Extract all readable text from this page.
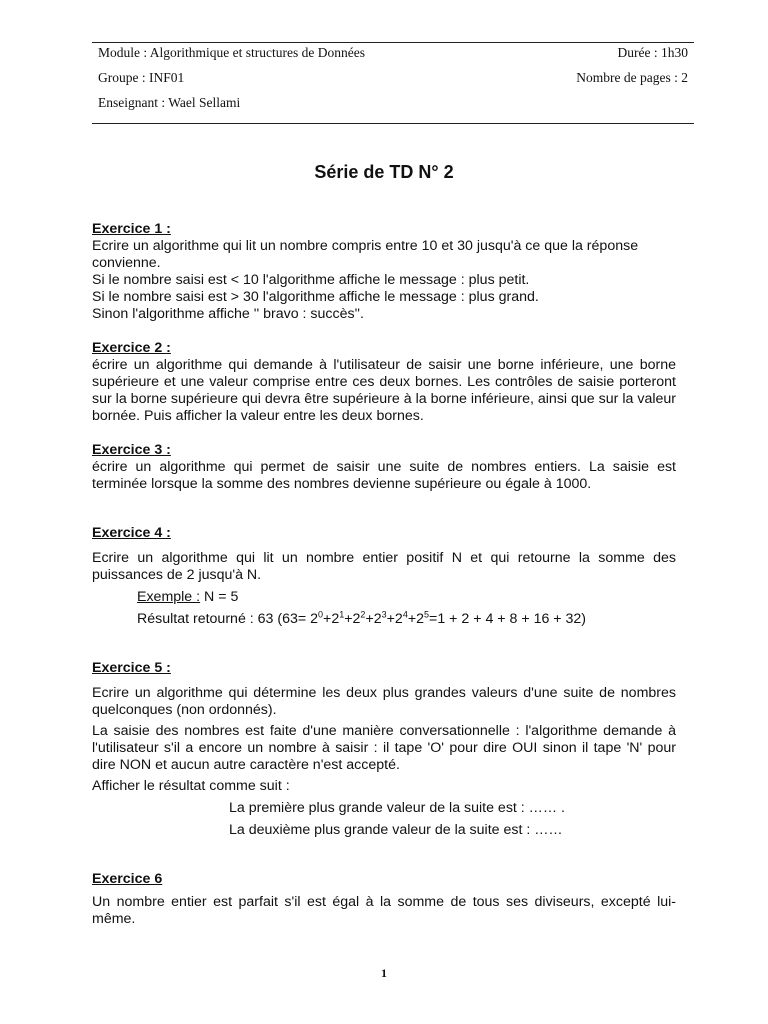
Module : Algorithmique et structures de Données	Durée : 1h30
Groupe : INF01	Nombre de pages : 2
Enseignant : Wael Sellami
Série de TD N° 2

Exercice 1 :

Ecrire un algorithme qui lit un nombre compris entre 10 et 30 jusqu'à ce que la réponse convienne.

Si le nombre saisi est < 10 l'algorithme affiche le message : plus petit.

Si le nombre saisi est > 30 l'algorithme affiche le message : plus grand.

Sinon l'algorithme affiche '' bravo : succès''.

Exercice 2 :

écrire un algorithme qui demande à l'utilisateur de saisir une borne inférieure, une borne supérieure et une valeur comprise entre ces deux bornes. Les contrôles de saisie porteront sur la borne supérieure qui devra être supérieure à la borne inférieure, ainsi que sur la valeur bornée. Puis afficher la valeur entre les deux bornes.

Exercice 3 :

écrire un algorithme qui permet de saisir une suite de nombres entiers. La saisie est terminée lorsque la somme des nombres devienne supérieure ou égale à 1000.

Exercice 4 :

Ecrire un algorithme qui lit un nombre entier positif N et qui retourne la somme des puissances de 2 jusqu'à N.

Exemple : N = 5

Résultat retourné : 63 $(63= 2^0+2^1+2^2+2^3+2^4+2^5=1 + 2 + 4 + 8 + 16 + 32)$

Exercice 5 :

Ecrire un algorithme qui détermine les deux plus grandes valeurs d'une suite de nombres quelconques (non ordonnés).

La saisie des nombres est faite d'une manière conversationnelle : l'algorithme demande à l'utilisateur s'il a encore un nombre à saisir : il tape 'O' pour dire OUI sinon il tape 'N' pour dire NON et aucun autre caractère n'est accepté.

Afficher le résultat comme suit :

La première plus grande valeur de la suite est : …… .

La deuxième plus grande valeur de la suite est : ……

Exercice 6

Un nombre entier est parfait s'il est égal à la somme de tous ses diviseurs, excepté lui-même.

1
